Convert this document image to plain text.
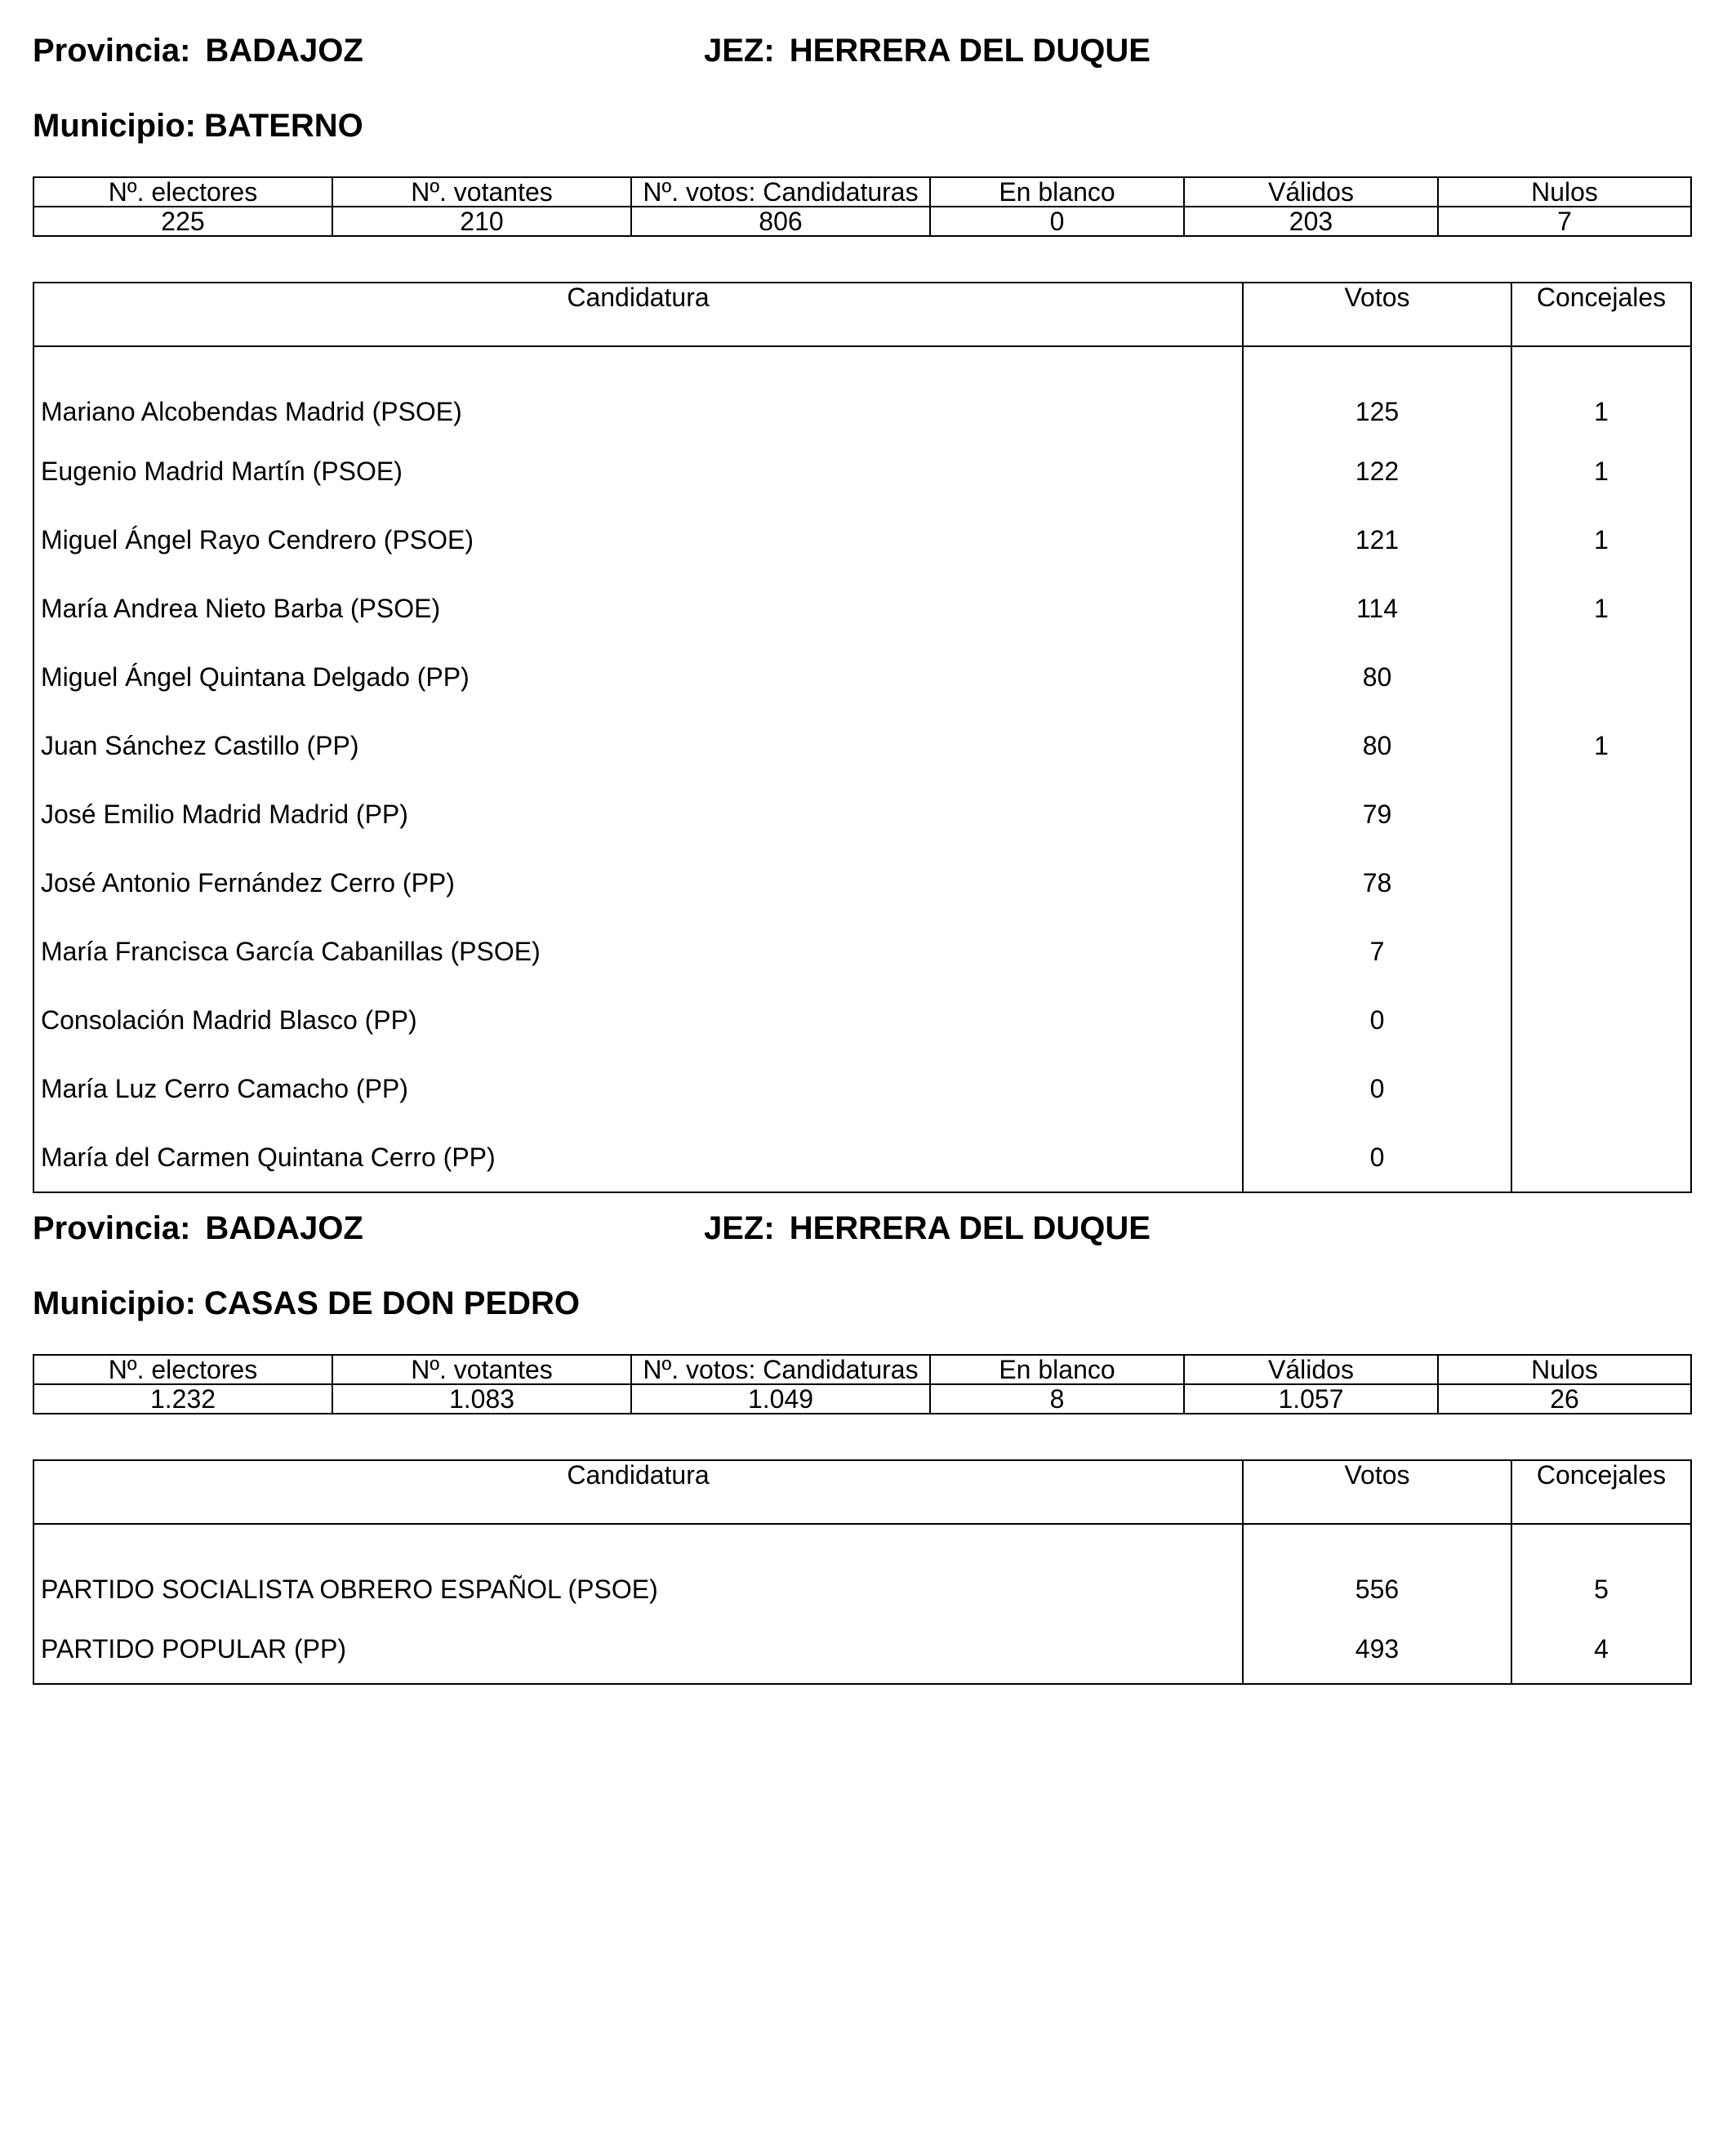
Provincia: BADAJOZ	JEZ: HERRERA DEL DUQUE
Municipio: BATERNO
Nº. electores	Nº. votantes	Nº. votos: Candidaturas	En blanco	Válidos	Nulos
225	210	806	0	203	7
Candidatura	Votos	Concejales
Mariano Alcobendas Madrid (PSOE)	125	1
Eugenio Madrid Martín (PSOE)	122	1
Miguel Ángel Rayo Cendrero (PSOE)	121	1
María Andrea Nieto Barba (PSOE)	114	1
Miguel Ángel Quintana Delgado (PP)	80	
Juan Sánchez Castillo (PP)	80	1
José Emilio Madrid Madrid (PP)	79	
José Antonio Fernández Cerro (PP)	78	
María Francisca García Cabanillas (PSOE)	7	
Consolación Madrid Blasco (PP)	0	
María Luz Cerro Camacho (PP)	0	
María del Carmen Quintana Cerro (PP)	0	
Provincia: BADAJOZ	JEZ: HERRERA DEL DUQUE
Municipio: CASAS DE DON PEDRO
Nº. electores	Nº. votantes	Nº. votos: Candidaturas	En blanco	Válidos	Nulos
1.232	1.083	1.049	8	1.057	26
Candidatura	Votos	Concejales
PARTIDO SOCIALISTA OBRERO ESPAÑOL (PSOE)	556	5
PARTIDO POPULAR (PP)	493	4
